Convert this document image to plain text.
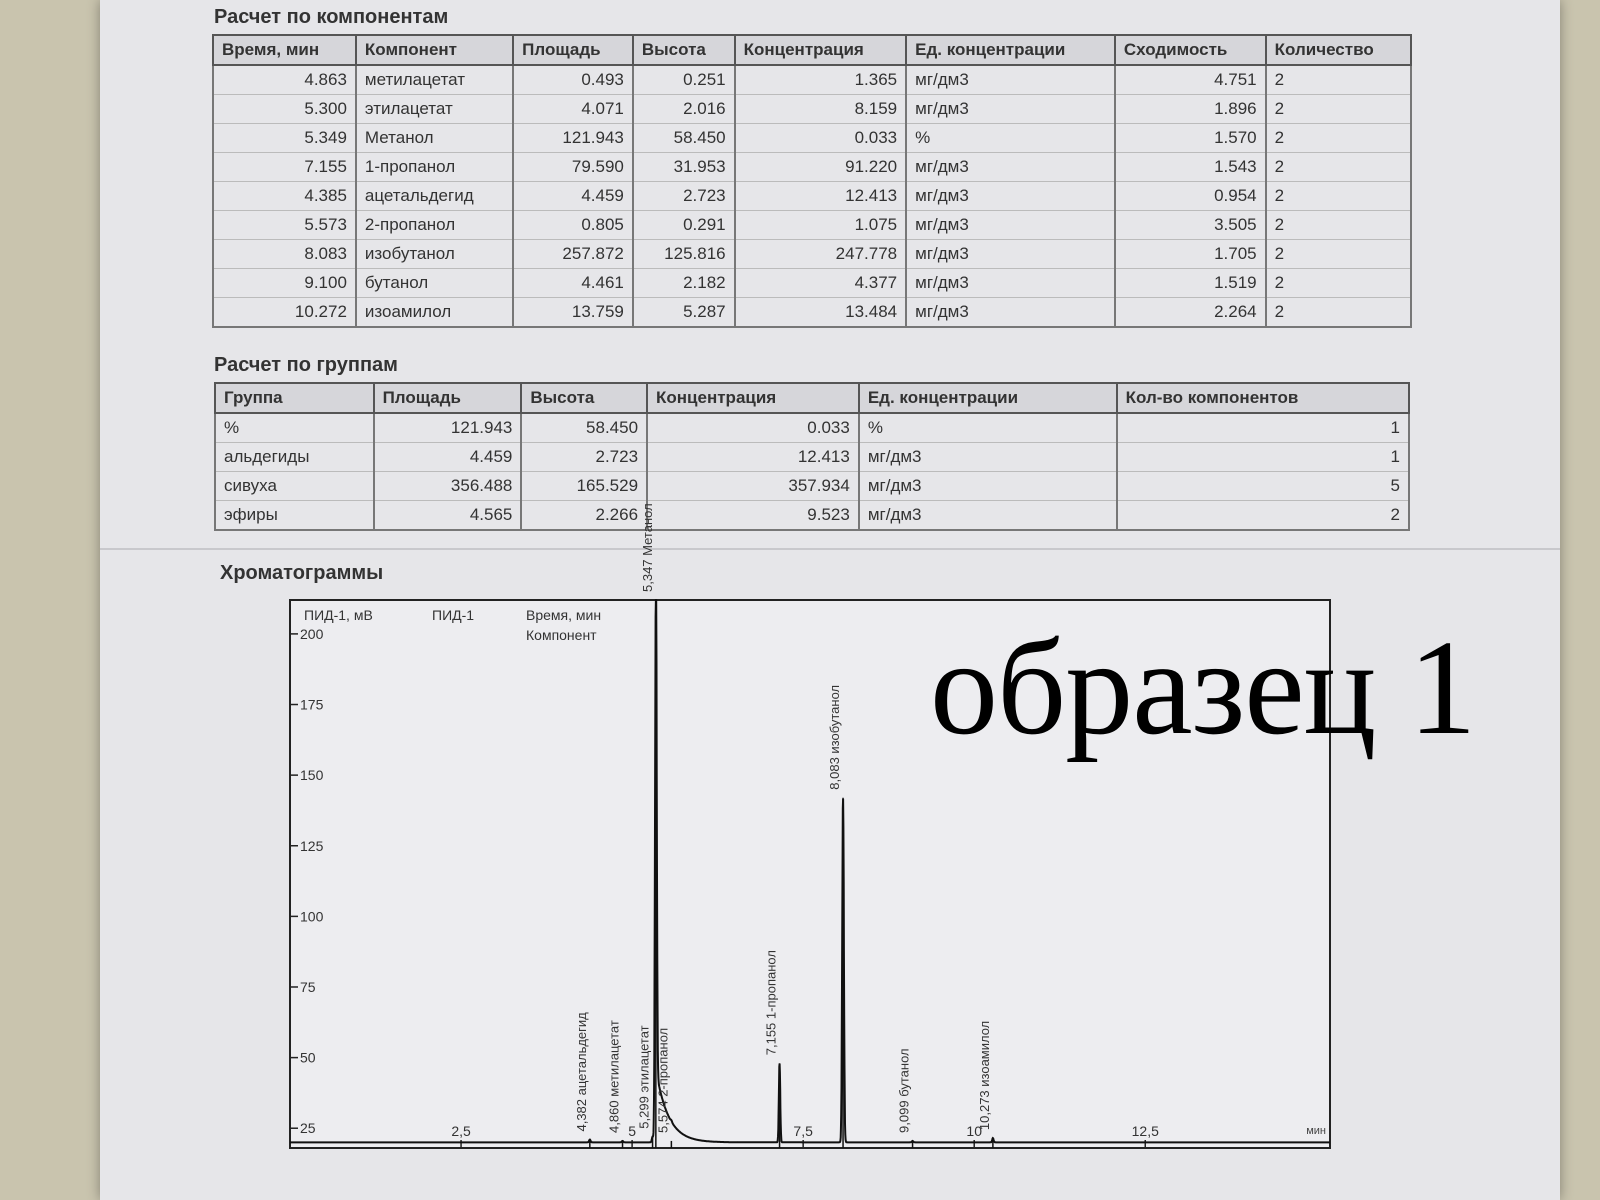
Расчет по компонентам
Время, мин	Компонент	Площадь	Высота	Концентрация	Ед. концентрации	Сходимость	Количество
4.863	метилацетат	0.493	0.251	1.365	мг/дм3	4.751	2
5.300	этилацетат	4.071	2.016	8.159	мг/дм3	1.896	2
5.349	Метанол	121.943	58.450	0.033	%	1.570	2
7.155	1-пропанол	79.590	31.953	91.220	мг/дм3	1.543	2
4.385	ацетальдегид	4.459	2.723	12.413	мг/дм3	0.954	2
5.573	2-пропанол	0.805	0.291	1.075	мг/дм3	3.505	2
8.083	изобутанол	257.872	125.816	247.778	мг/дм3	1.705	2
9.100	бутанол	4.461	2.182	4.377	мг/дм3	1.519	2
10.272	изоамилол	13.759	5.287	13.484	мг/дм3	2.264	2
Расчет по группам
Группа	Площадь	Высота	Концентрация	Ед. концентрации	Кол-во компонентов
%	121.943	58.450	0.033	%	1
альдегиды	4.459	2.723	12.413	мг/дм3	1
сивуха	356.488	165.529	357.934	мг/дм3	5
эфиры	4.565	2.266	9.523	мг/дм3	2
Хроматограммы
25
50
75
100
125
150
175
200
2,5	5	7,5	10	12,5	мин
4,382 ацетальдегид 4,860 метилацетат 5,299 этилацетат
5,347 Метанол
5,574 2-пропанол
7,155 1-пропанол
8,083 изобутанол
9,099 бутанол	10,273 изоамилол
ПИД-1, мВ	ПИД-1	Время, мин
Компонент образец 1
